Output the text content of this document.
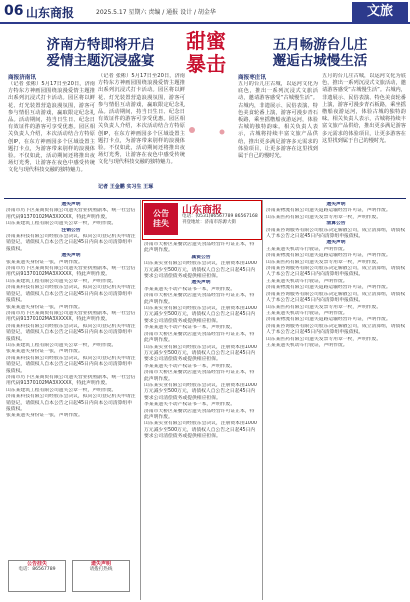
06 山东商报	2025.5.17 星期六 责编 / 通报 设计 / 胡金华	文旅
济南方特即将开启
爱情主题沉浸盛宴
商报济南讯
（记者 张彬）5月17日至20日，济南方特东方神画园围绕浪漫爱情主题推出系列沉浸式打卡活动。园区将以鲜花、灯光装置营造浪漫氛围，游客可参与情侣互动游戏，赢取限定纪念礼品。活动期间，持当日生日、纪念日有效证件的游客可享受优惠。园区相关负责人介绍，本次活动结合方特原创IP，在东方神画园多个区域设置主题打卡点，为游客带来别样的浪漫体验。不仅如此，活动期间还将推出夜场灯光秀，让游客在夜色中感受传统文化与现代科技交融的独特魅力。
（记者 张彬）5月17日至20日，济南方特东方神画园围绕浪漫爱情主题推出系列沉浸式打卡活动。园区将以鲜花、灯光装置营造浪漫氛围，游客可参与情侣互动游戏，赢取限定纪念礼品。活动期间，持当日生日、纪念日有效证件的游客可享受优惠。园区相关负责人介绍，本次活动结合方特原创IP，在东方神画园多个区域设置主题打卡点，为游客带来别样的浪漫体验。不仅如此，活动期间还将推出夜场灯光秀，让游客在夜色中感受传统文化与现代科技交融的独特魅力。
记者 王金鹏 实习生 王琢
甜蜜暴击
五月畅游台儿庄
邂逅古城慢生活
商报枣庄讯
五月的台儿庄古城，以运河文化为底色，推出一系列沉浸式文旅活动，邀请游客感受“古城慢生活”。古城内，非遗展示、民俗表演、特色美食轮番上演，游客可漫步青石板路，乘坐摇橹船夜游运河，体验古城的独特韵味。相关负责人表示，古城将持续丰富文旅产品供给，推出更多满足游客多元需求的体验项目，让更多游客在这里找到属于自己的慢时光。
五月的台儿庄古城，以运河文化为底色，推出一系列沉浸式文旅活动，邀请游客感受“古城慢生活”。古城内，非遗展示、民俗表演、特色美食轮番上演，游客可漫步青石板路，乘坐摇橹船夜游运河，体验古城的独特韵味。相关负责人表示，古城将持续丰富文旅产品供给，推出更多满足游客多元需求的体验项目，让更多游客在这里找到属于自己的慢时光。
公告
挂失
山东商报
电话：(0531)86567789 86567168 刊登地址：济南市泺源大街
遗失声明
济南市历下区某商贸有限公司遗失营业执照副本，统一社会信用代码91370102MA3XXXXX，特此声明作废。
山东某建筑工程有限公司遗失公章一枚，声明作废。
注销公告
济南某科技有限公司经股东会决议，拟向公司登记机关申请注销登记，请债权人自本公告之日起45日内向本公司清算组申报债权。
遗失声明
张某某遗失身份证一张，声明作废。
济南市历下区某商贸有限公司遗失营业执照副本，统一社会信用代码91370102MA3XXXXX，特此声明作废。
山东某建筑工程有限公司遗失公章一枚，声明作废。
济南某科技有限公司经股东会决议，拟向公司登记机关申请注销登记，请债权人自本公告之日起45日内向本公司清算组申报债权。
张某某遗失身份证一张，声明作废。
济南市历下区某商贸有限公司遗失营业执照副本，统一社会信用代码91370102MA3XXXXX，特此声明作废。
济南某科技有限公司经股东会决议，拟向公司登记机关申请注销登记，请债权人自本公告之日起45日内向本公司清算组申报债权。
山东某建筑工程有限公司遗失公章一枚，声明作废。
张某某遗失身份证一张，声明作废。
济南某科技有限公司经股东会决议，拟向公司登记机关申请注销登记，请债权人自本公告之日起45日内向本公司清算组申报债权。
济南市历下区某商贸有限公司遗失营业执照副本，统一社会信用代码91370102MA3XXXXX，特此声明作废。
山东某建筑工程有限公司遗失公章一枚，声明作废。
济南某科技有限公司经股东会决议，拟向公司登记机关申请注销登记，请债权人自本公告之日起45日内向本公司清算组申报债权。
张某某遗失身份证一张，声明作废。
济南市天桥区某餐饮店遗失食品经营许可证正本，特此声明作废。
减资公告
山东某实业有限公司经股东会决议，注册资本由1000万元减少至500万元，请债权人自公告之日起45日内要求公司清偿债务或提供相应担保。
遗失声明
李某某遗失不动产权证书一本，声明作废。
济南市天桥区某餐饮店遗失食品经营许可证正本，特此声明作废。
山东某实业有限公司经股东会决议，注册资本由1000万元减少至500万元，请债权人自公告之日起45日内要求公司清偿债务或提供相应担保。
李某某遗失不动产权证书一本，声明作废。
济南市天桥区某餐饮店遗失食品经营许可证正本，特此声明作废。
山东某实业有限公司经股东会决议，注册资本由1000万元减少至500万元，请债权人自公告之日起45日内要求公司清偿债务或提供相应担保。
李某某遗失不动产权证书一本，声明作废。
济南市天桥区某餐饮店遗失食品经营许可证正本，特此声明作废。
山东某实业有限公司经股东会决议，注册资本由1000万元减少至500万元，请债权人自公告之日起45日内要求公司清偿债务或提供相应担保。
李某某遗失不动产权证书一本，声明作废。
济南市天桥区某餐饮店遗失食品经营许可证正本，特此声明作废。
山东某实业有限公司经股东会决议，注册资本由1000万元减少至500万元，请债权人自公告之日起45日内要求公司清偿债务或提供相应担保。
遗失声明
济南某物流有限公司遗失道路运输经营许可证，声明作废。
山东某医药有限公司遗失发票专用章一枚，声明作废。
清算公告
济南某咨询服务有限公司股东决定解散公司，成立清算组，请债权人于本公告之日起45日内向清算组申报债权。
遗失声明
王某某遗失机动车行驶证，声明作废。
济南某物流有限公司遗失道路运输经营许可证，声明作废。
山东某医药有限公司遗失发票专用章一枚，声明作废。
济南某咨询服务有限公司股东决定解散公司，成立清算组，请债权人于本公告之日起45日内向清算组申报债权。
王某某遗失机动车行驶证，声明作废。
济南某物流有限公司遗失道路运输经营许可证，声明作废。
济南某咨询服务有限公司股东决定解散公司，成立清算组，请债权人于本公告之日起45日内向清算组申报债权。
山东某医药有限公司遗失发票专用章一枚，声明作废。
王某某遗失机动车行驶证，声明作废。
济南某物流有限公司遗失道路运输经营许可证，声明作废。
济南某咨询服务有限公司股东决定解散公司，成立清算组，请债权人于本公告之日起45日内向清算组申报债权。
山东某医药有限公司遗失发票专用章一枚，声明作废。
王某某遗失机动车行驶证，声明作废。
公告挂失
电话：86567789
遗失声明
请拨打热线
